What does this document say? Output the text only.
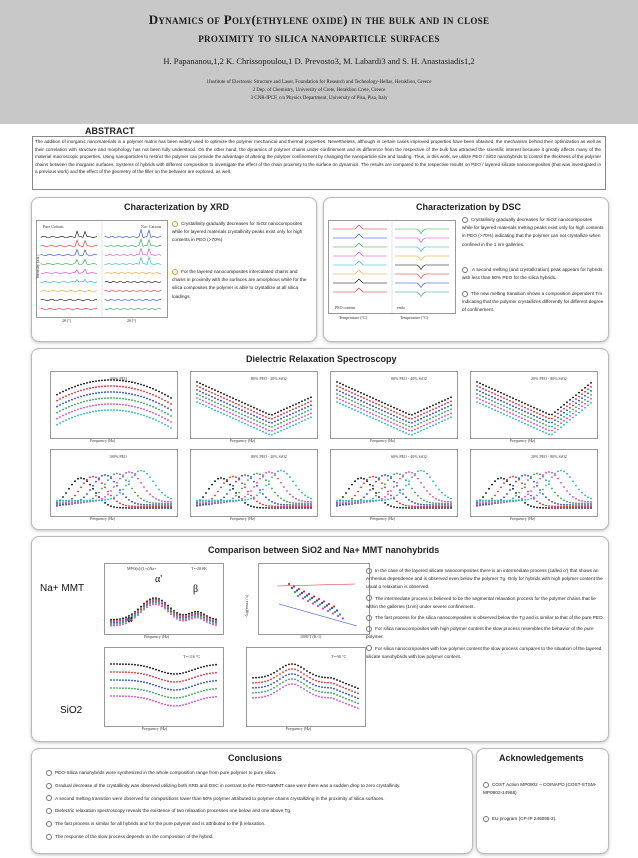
Dynamics of Poly(ethylene oxide) in the bulk and in close
proximity to silica nanoparticle surfaces
H. Papananou,1,2 K. Chrissopoulou,1 D. Prevosto3, M. Labardi3 and S. H. Anastasiadis1,2
1Institute of Electronic Structure and Laser, Foundation for Research and Technology-Hellas, Heraklion, Greece
2 Dep. of Chemistry, University of Crete, Heraklion Crete, Greece
3 CNR-IPCF, c/o Physics Department, University of Pisa, Pisa, Italy
ABSTRACT
The addition of inorganic nanomaterials in a polymer matrix has been widely used to optimize the polymer mechanical and thermal properties. Nevertheless, although in certain cases improved properties have been obtained, the mechanism behind their optimization as well as their correlation with structure and morphology has not been fully understood. On the other hand, the dynamics of polymer chains under confinement and its difference from the respective of the bulk has attracted the scientific interest because it greatly affects many of the material macroscopic properties. Using nanoparticles to restrict the polymer can provide the advantage of altering the polymer confinement by changing the nanoparticle size and loading. Thus, in this work, we utilize PEO / SiO2 nanohybrids to control the thickness of the polymer chains between the inorganic surfaces. Systems of hybrids with different composition to investigate the effect of the chain proximity to the surface on dynamics. The results are compared to the respective results on PEO / layered silicate nanocomposites (that was investigated in a previous work) and the effect of the geometry of the filler on the behavior are explored, as well.
Characterization by XRD
Pure Cations	Na+ Cations
Intensity (a.u.)
2θ (°)	2θ (°)
Crystallinity gradually decreases for SiO2 nanocomposites while for layered materials crystallinity peaks exist only for high contents in PEO (>70%)
For the layered nanocomposites intercalated chains and chains in proximity with the surfaces are amorphous while for the silica composites the polymer is able to crystallize at all silica loadings.
Characterization by DSC
PEO content	endo
Temperature (°C)	Temperature (°C)
Crystallinity gradually decreases for SiO2 nanocomposites while for layered materials melting peaks exist only for high contents in PEO (>70%) indicating that the polymer can not crystallize when confined in the 1 nm galleries.
A second melting (and crystallization) peak appears for hybrids with less than 50% PEO for the silica hybrids.
The new melting transition shows a composition dependent Tm indicating that the polymer crystallizes differently for different degree of confinement.
Dielectric Relaxation Spectroscopy
100% PEO
Frequency (Hz)
80% PEO - 20% SiO2
Frequency (Hz)
80% PEO - 40% SiO2
Frequency (Hz)
20% PEO - 80% SiO2
Frequency (Hz)
100% PEO
Frequency (Hz)
80% PEO - 20% SiO2
Frequency (Hz)
60% PEO - 40% SiO2
Frequency (Hz)
20% PEO - 80% SiO2
Frequency (Hz)
Comparison between SiO2 and Na+ MMT nanohybrids
Na+ MMT
SiO2
MPO(x)/(1-x)Na+	T=-20.0K
α'
α
β
Frequency (Hz)
-log(τmax / s)
1000/T (K-1)
T=-116 °C
Frequency (Hz)
T=-90 °C
Frequency (Hz)
In the case of the layered silicate nanocomposites there is an intermediate process (called α') that shows an Arrhenius dependence and is observed even below the polymer Tg. Only for hybrids with high polymer content the usual α relaxation is observed.
The intermediate process is believed to be the segmental relaxation process for the polymer chains that lie within the galleries (1nm) under severe confinement.
The fast process for the silica nanocomposites is observed below the Tg and is similar to that of the pure PEO.
For silica nanocomposites with high polymer content the slow process resembles the behavior of the pure polymer.
For silica nanocomposites with low polymer content the slow process compares to the situation of the layered silicate nanohybrids with low polymer content.
Conclusions
PEO-Silica nanohybrids were synthesized in the whole composition range from pure polymer to pure silica.
Gradual decrease of the crystallinity was observed utilizing both XRD and DSC in contrast to the PEO-NaMMT case were there was a sudden drop to zero crystallinity.
A second melting transition were observed for compositions lower than 50% polymer attributed to polymer chains crystallizing in the proximity of silica surfaces.
Dielectric relaxation spectroscopy reveals the existence of two relaxation processes one below and one above Tg.
The fast process is similar for all hybrids and for the pure polymer and is attributed to the β relaxation.
The response of the slow process depends on the composition of the hybrid.
Acknowledgements
COST Action MP0902 – COINAPO (COST-STSM-MP0902-14968)
EU program (CP-IP 246095-2).
